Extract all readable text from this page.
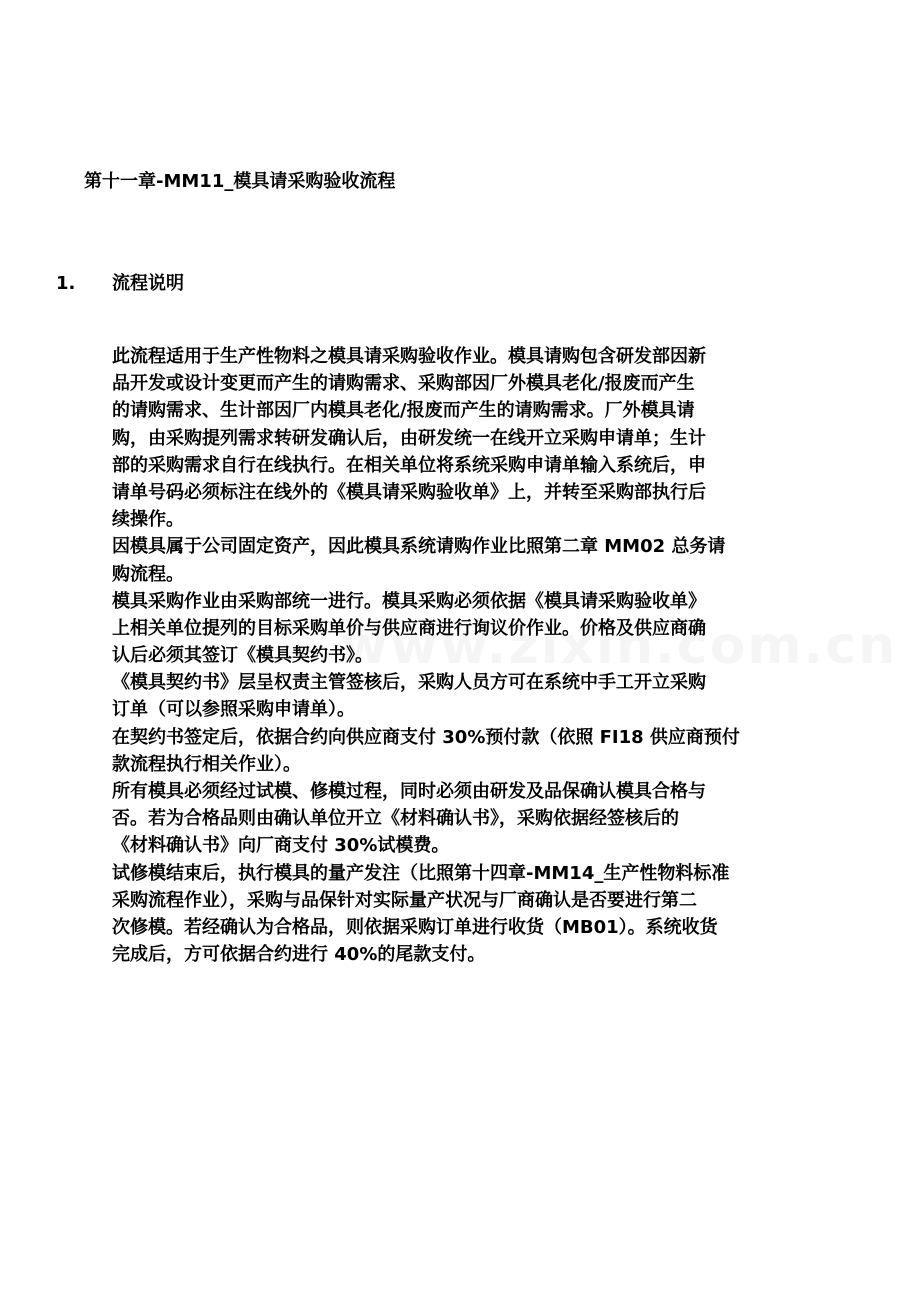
第十一章-MM11_模具请采购验收流程
1. 流程说明
此流程适用于生产性物料之模具请采购验收作业。模具请购包含研发部因新
品开发或设计变更而产生的请购需求、采购部因厂外模具老化/报废而产生
的请购需求、生计部因厂内模具老化/报废而产生的请购需求。厂外模具请
购，由采购提列需求转研发确认后，由研发统一在线开立采购申请单；生计
部的采购需求自行在线执行。在相关单位将系统采购申请单输入系统后，申
请单号码必须标注在线外的《模具请采购验收单》上，并转至采购部执行后
续操作。
因模具属于公司固定资产，因此模具系统请购作业比照第二章 MM02 总务请
购流程。
模具采购作业由采购部统一进行。模具采购必须依据《模具请采购验收单》
上相关单位提列的目标采购单价与供应商进行询议价作业。价格及供应商确
认后必须其签订《模具契约书》。
《模具契约书》层呈权责主管签核后，采购人员方可在系统中手工开立采购
订单（可以参照采购申请单）。
在契约书签定后，依据合约向供应商支付 30%预付款（依照 FI18 供应商预付
款流程执行相关作业）。
所有模具必须经过试模、修模过程，同时必须由研发及品保确认模具合格与
否。若为合格品则由确认单位开立《材料确认书》，采购依据经签核后的
《材料确认书》向厂商支付 30%试模费。
试修模结束后，执行模具的量产发注（比照第十四章-MM14_生产性物料标准
采购流程作业），采购与品保针对实际量产状况与厂商确认是否要进行第二
次修模。若经确认为合格品，则依据采购订单进行收货（MB01）。系统收货
完成后，方可依据合约进行 40%的尾款支付。
